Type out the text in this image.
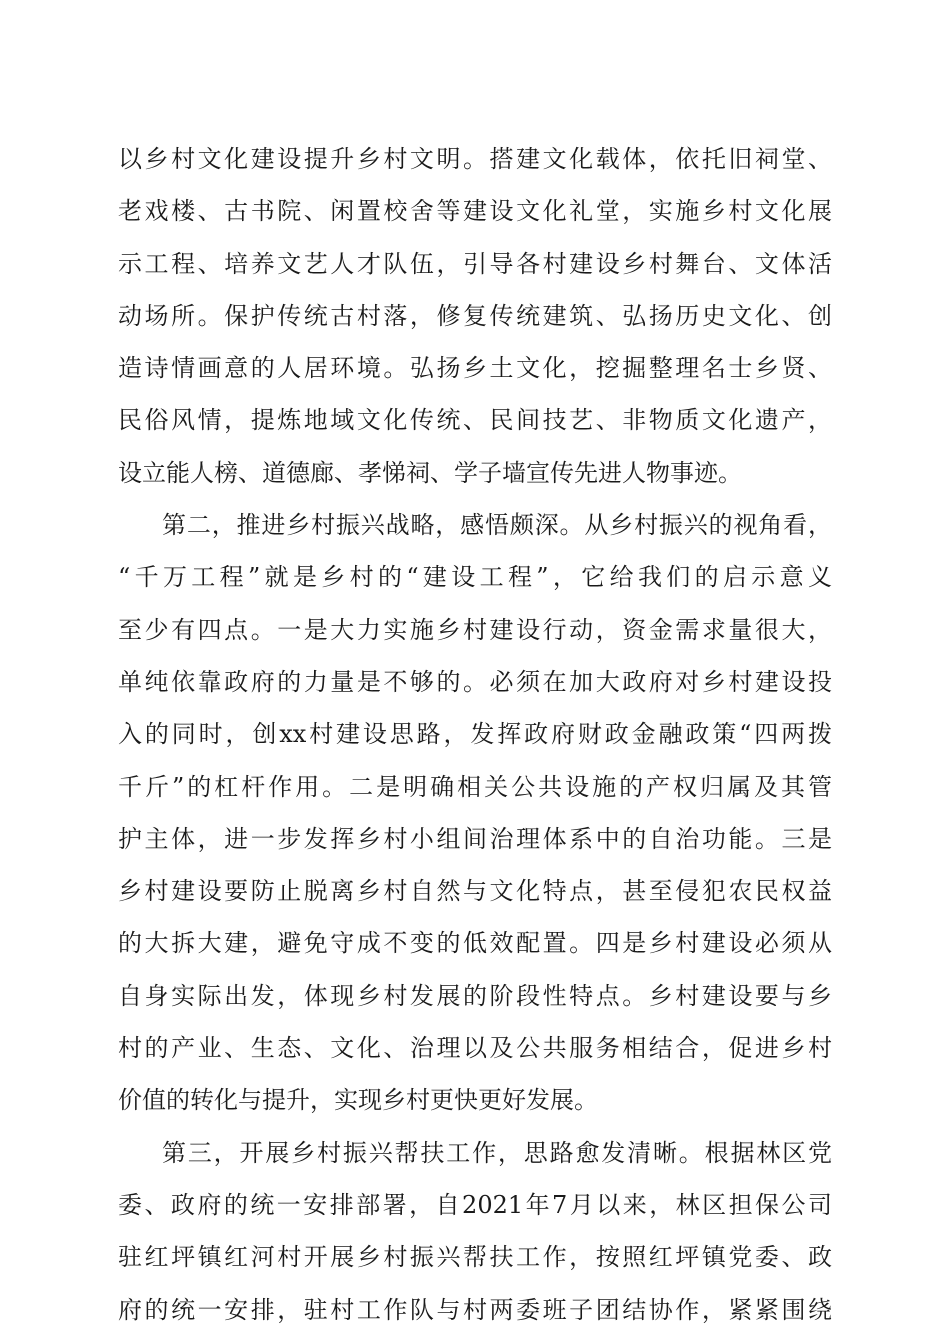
以乡村文化建设提升乡村文明。搭建文化载体，依托旧祠堂、
老戏楼、古书院、闲置校舍等建设文化礼堂，实施乡村文化展
示工程、培养文艺人才队伍，引导各村建设乡村舞台、文体活
动场所。保护传统古村落，修复传统建筑、弘扬历史文化、创
造诗情画意的人居环境。弘扬乡土文化，挖掘整理名士乡贤、
民俗风情，提炼地域文化传统、民间技艺、非物质文化遗产，
设立能人榜、道德廊、孝悌祠、学子墙宣传先进人物事迹。
第二，推进乡村振兴战略，感悟颇深。从乡村振兴的视角看，
“千万工程”就是乡村的“建设工程”，它给我们的启示意义
至少有四点。一是大力实施乡村建设行动，资金需求量很大，
单纯依靠政府的力量是不够的。必须在加大政府对乡村建设投
入的同时，创xx村建设思路，发挥政府财政金融政策“四两拨
千斤”的杠杆作用。二是明确相关公共设施的产权归属及其管
护主体，进一步发挥乡村小组间治理体系中的自治功能。三是
乡村建设要防止脱离乡村自然与文化特点，甚至侵犯农民权益
的大拆大建，避免守成不变的低效配置。四是乡村建设必须从
自身实际出发，体现乡村发展的阶段性特点。乡村建设要与乡
村的产业、生态、文化、治理以及公共服务相结合，促进乡村
价值的转化与提升，实现乡村更快更好发展。
第三，开展乡村振兴帮扶工作，思路愈发清晰。根据林区党
委、政府的统一安排部署，自2021年7月以来，林区担保公司
驻红坪镇红河村开展乡村振兴帮扶工作，按照红坪镇党委、政
府的统一安排，驻村工作队与村两委班子团结协作，紧紧围绕
